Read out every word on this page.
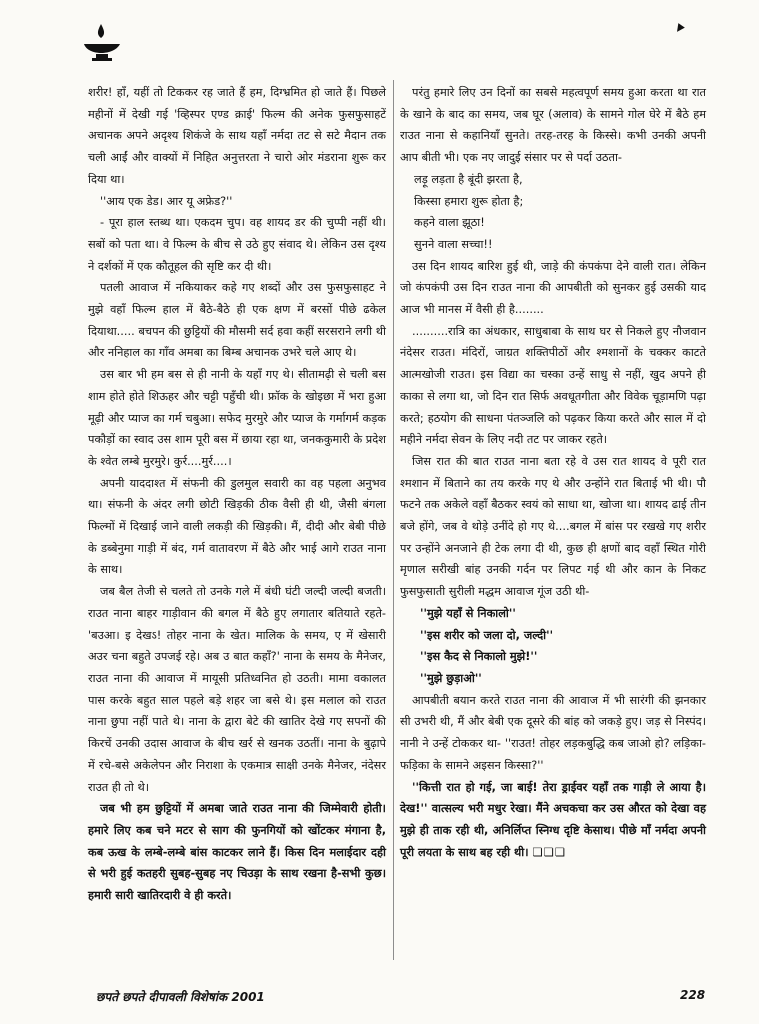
▾

शरीर! हाँ, यहीं तो टिककर रह जाते हैं हम, दिग्भ्रमित हो जाते हैं। पिछले महीनों में देखी गई 'व्हिस्पर एण्ड क्राई' फिल्म की अनेक फुसफुसाहटें अचानक अपने अदृश्य शिकंजे के साथ यहाँ नर्मदा तट से सटे मैदान तक चली आईं और वाक्यों में निहित अनुत्तरता ने चारो ओर मंडराना शुरू कर दिया था।

''आय एक डेड। आर यू अफ्रेड?''

- पूरा हाल स्तब्ध था। एकदम चुप। वह शायद डर की चुप्पी नहीं थी। सबों को पता था। वे फिल्म के बीच से उठे हुए संवाद थे। लेकिन उस दृश्य ने दर्शकों में एक कौतूहल की सृष्टि कर दी थी।

पतली आवाज में नकियाकर कहे गए शब्दों और उस फुसफुसाहट ने मुझे वहाँ फिल्म हाल में बैठे-बैठे ही एक क्षण में बरसों पीछे ढकेल दियाथा..... बचपन की छुट्टियों की मौसमी सर्द हवा कहीं सरसराने लगी थी और ननिहाल का गाँव अमबा का बिम्ब अचानक उभरे चले आए थे।

उस बार भी हम बस से ही नानी के यहाँ गए थे। सीतामढ़ी से चली बस शाम होते होते शिऊहर और चट्टी पहुँची थी। फ्रॉक के खोइछा में भरा हुआ मूढ़ी और प्याज का गर्म चबुआ। सफेद मुरमुरे और प्याज के गर्मागर्म कड़क पकौड़ों का स्वाद उस शाम पूरी बस में छाया रहा था, जनककुमारी के प्रदेश के श्वेत लम्बे मुरमुरे। कुर्र....मुर्र....।

अपनी याददाश्त में संफनी की डुलमुल सवारी का वह पहला अनुभव था। संफनी के अंदर लगी छोटी खिड़की ठीक वैसी ही थी, जैसी बंगला फिल्मों में दिखाई जाने वाली लकड़ी की खिड़की। मैं, दीदी और बेबी पीछे के डब्बेनुमा गाड़ी में बंद, गर्म वातावरण में बैठे और भाई आगे राउत नाना के साथ।

जब बैल तेजी से चलते तो उनके गले में बंधी घंटी जल्दी जल्दी बजती। राउत नाना बाहर गाड़ीवान की बगल में बैठे हुए लगातार बतियाते रहते- 'बउआ। इ देखऽ! तोहर नाना के खेत। मालिक के समय, ए में खेसारी अउर चना बहुते उपजई रहे। अब उ बात कहाँ?' नाना के समय के मैनेजर, राउत नाना की आवाज में मायूसी प्रतिध्वनित हो उठती। मामा वकालत पास करके बहुत साल पहले बड़े शहर जा बसे थे। इस मलाल को राउत नाना छुपा नहीं पाते थे। नाना के द्वारा बेटे की खातिर देखे गए सपनों की किरचें उनकी उदास आवाज के बीच खर्र से खनक उठतीं। नाना के बुढ़ापे में रचे-बसे अकेलेपन और निराशा के एकमात्र साक्षी उनके मैनेजर, नंदेसर राउत ही तो थे।

जब भी हम छुट्टियों में अमबा जाते राउत नाना की जिम्मेवारी होती। हमारे लिए कब चने मटर से साग की फुनगियों को खोंटकर मंगाना है, कब ऊख के लम्बे-लम्बे बांस काटकर लाने हैं। किस दिन मलाईदार दही से भरी हुई कतहरी सुबह-सुबह नए चिउड़ा के साथ रखना है-सभी कुछ। हमारी सारी खातिरदारी वे ही करते।

परंतु हमारे लिए उन दिनों का सबसे महत्वपूर्ण समय हुआ करता था रात के खाने के बाद का समय, जब घूर (अलाव) के सामने गोल घेरे में बैठे हम राउत नाना से कहानियाँ सुनते। तरह-तरह के किस्से। कभी उनकी अपनी आप बीती भी। एक नए जादुई संसार पर से पर्दा उठता-

लड़ू लड़ता है बूंदी झरता है,

किस्सा हमारा शुरू होता है;

कहने वाला झूठा!

सुनने वाला सच्चा!!

उस दिन शायद बारिश हुई थी, जाड़े की कंपकंपा देने वाली रात। लेकिन जो कंपकंपी उस दिन राउत नाना की आपबीती को सुनकर हुई उसकी याद आज भी मानस में वैसी ही है........

..........रात्रि का अंधकार, साधुबाबा के साथ घर से निकले हुए नौजवान नंदेसर राउत। मंदिरों, जाग्रत शक्तिपीठों और श्मशानों के चक्कर काटते आत्मखोजी राउत। इस विद्या का चस्का उन्हें साधु से नहीं, खुद अपने ही काका से लगा था, जो दिन रात सिर्फ अवधूतगीता और विवेक चूड़ामणि पढ़ा करते; हठयोग की साधना पंतञ्जलि को पढ़कर किया करते और साल में दो महीने नर्मदा सेवन के लिए नदी तट पर जाकर रहते।

जिस रात की बात राउत नाना बता रहे वे उस रात शायद वे पूरी रात श्मशान में बिताने का तय करके गए थे और उन्होंने रात बिताई भी थी। पौ फटने तक अकेले वहाँ बैठकर स्वयं को साधा था, खोजा था। शायद ढाई तीन बजे होंगे, जब वे थोड़े उनींदे हो गए थे....बगल में बांस पर रखखे गए शरीर पर उन्होंने अनजाने ही टेक लगा दी थी, कुछ ही क्षणों बाद वहाँ स्थित गोरी मृणाल सरीखी बांह उनकी गर्दन पर लिपट गई थी और कान के निकट फुसफुसाती सुरीली मद्धम आवाज गूंज उठी थी-

''मुझे यहाँ से निकालो''

''इस शरीर को जला दो, जल्दी''

''इस कैद से निकालो मुझे!''

''मुझे छुड़ाओ''

आपबीती बयान करते राउत नाना की आवाज में भी सारंगी की झनकार सी उभरी थी, मैं और बेबी एक दूसरे की बांह को जकड़े हुए। जड़ से निस्पंद। नानी ने उन्हें टोककर था- ''राउत! तोहर लड़कबुद्धि कब जाओ हो? लड़िका-फड़िका के सामने अइसन किस्सा?''

''कित्ती रात हो गई, जा बाई! तेरा ड्राईवर यहाँ तक गाड़ी ले आया है। देख!'' वात्सल्य भरी मधुर रेखा। मैंने अचकचा कर उस औरत को देखा वह मुझे ही ताक रही थी, अनिर्लिप्त स्निग्ध दृष्टि केसाथ। पीछे माँ नर्मदा अपनी पूरी लयता के साथ बह रही थी। ❏❏❏

छपते छपते दीपावली विशेषांक 2001	228
